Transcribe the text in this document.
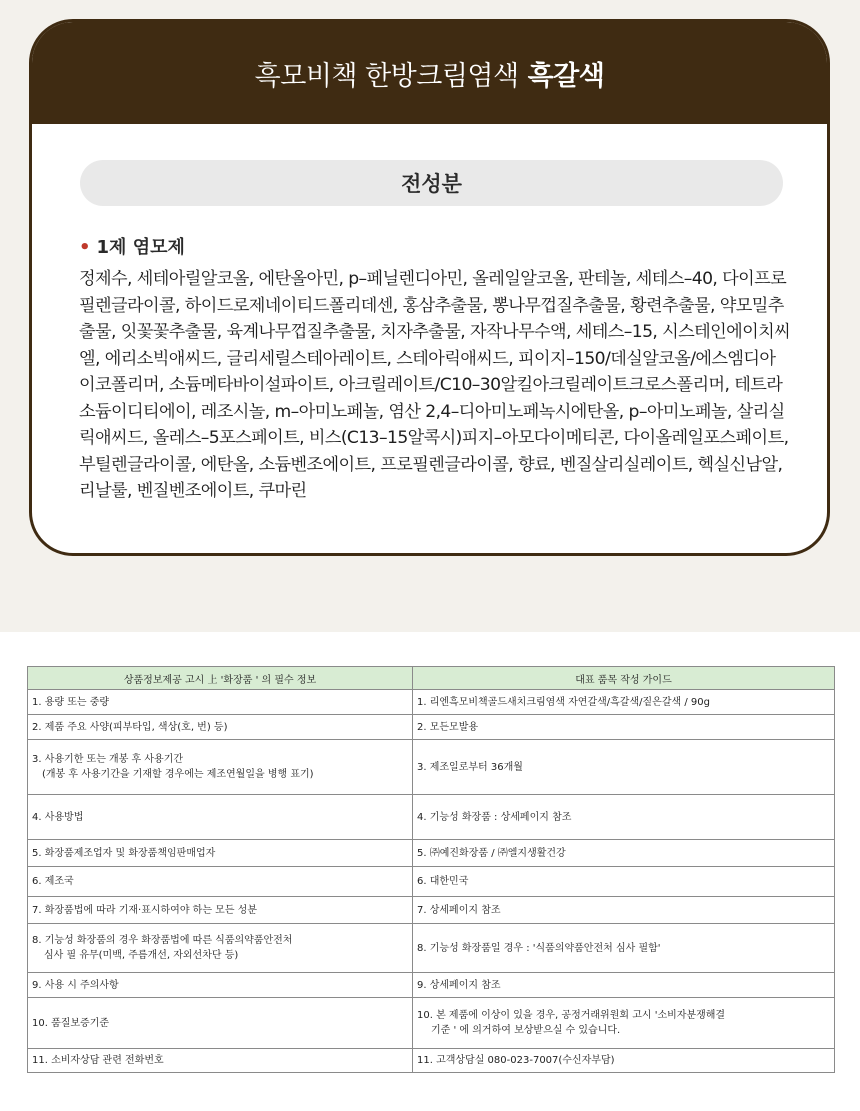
흑모비책 한방크림염색 흑갈색
전성분
• 1제 염모제
정제수, 세테아릴알코올, 에탄올아민, p–페닐렌디아민, 올레일알코올, 판테놀, 세테스–40, 다이프로필렌글라이콜, 하이드로제네이티드폴리데센, 홍삼추출물, 뽕나무껍질추출물, 황련추출물, 약모밀추출물, 잇꽃꽃추출물, 육계나무껍질추출물, 치자추출물, 자작나무수액, 세테스–15, 시스테인에이치씨엘, 에리소빅애씨드, 글리세릴스테아레이트, 스테아릭애씨드, 피이지–150/데실알코올/에스엠디아이코폴리머, 소듐메타바이설파이트, 아크릴레이트/C10–30알킬아크릴레이트크로스폴리머, 테트라소듐이디티에이, 레조시놀, m–아미노페놀, 염산 2,4–디아미노페녹시에탄올, p–아미노페놀, 살리실릭애씨드, 올레스–5포스페이트, 비스(C13–15알콕시)피지–아모다이메티콘, 다이올레일포스페이트, 부틸렌글라이콜, 에탄올, 소듐벤조에이트, 프로필렌글라이콜, 향료, 벤질살리실레이트, 헥실신남알, 리날룰, 벤질벤조에이트, 쿠마린
상품정보제공 고시 上 '화장품 ' 의 필수 정보	대표 품목 작성 가이드
1. 용량 또는 중량	1. 리엔흑모비책골드새치크림염색 자연갈색/흑갈색/짙은갈색 / 90g
2. 제품 주요 사양(피부타입, 색상(호, 번) 등)	2. 모든모발용

3. 사용기한 또는 개봉 후 사용기간
(개봉 후 사용기간을 기재할 경우에는 제조연월일을 병행 표기)	3. 제조일로부터 36개월
4. 사용방법	4. 기능성 화장품 : 상세페이지 참조
5. 화장품제조업자 및 화장품책임판매업자	5. ㈜예진화장품 / ㈜엘지생활건강
6. 제조국	6. 대한민국
7. 화장품법에 따라 기재·표시하여야 하는 모든 성분	7. 상세페이지 참조

8. 기능성 화장품의 경우 화장품법에 따른 식품의약품안전처
심사 필 유무(미백, 주름개선, 자외선차단 등)	8. 기능성 화장품일 경우 : '식품의약품안전처 심사 필함'
9. 사용 시 주의사항	9. 상세페이지 참조
10. 품질보증기준	10. 본 제품에 이상이 있을 경우, 공정거래위원회 고시 '소비자분쟁해결
기준 ' 에 의거하여 보상받으실 수 있습니다.

11. 소비자상담 관련 전화번호	11. 고객상담실 080-023-7007(수신자부담)
